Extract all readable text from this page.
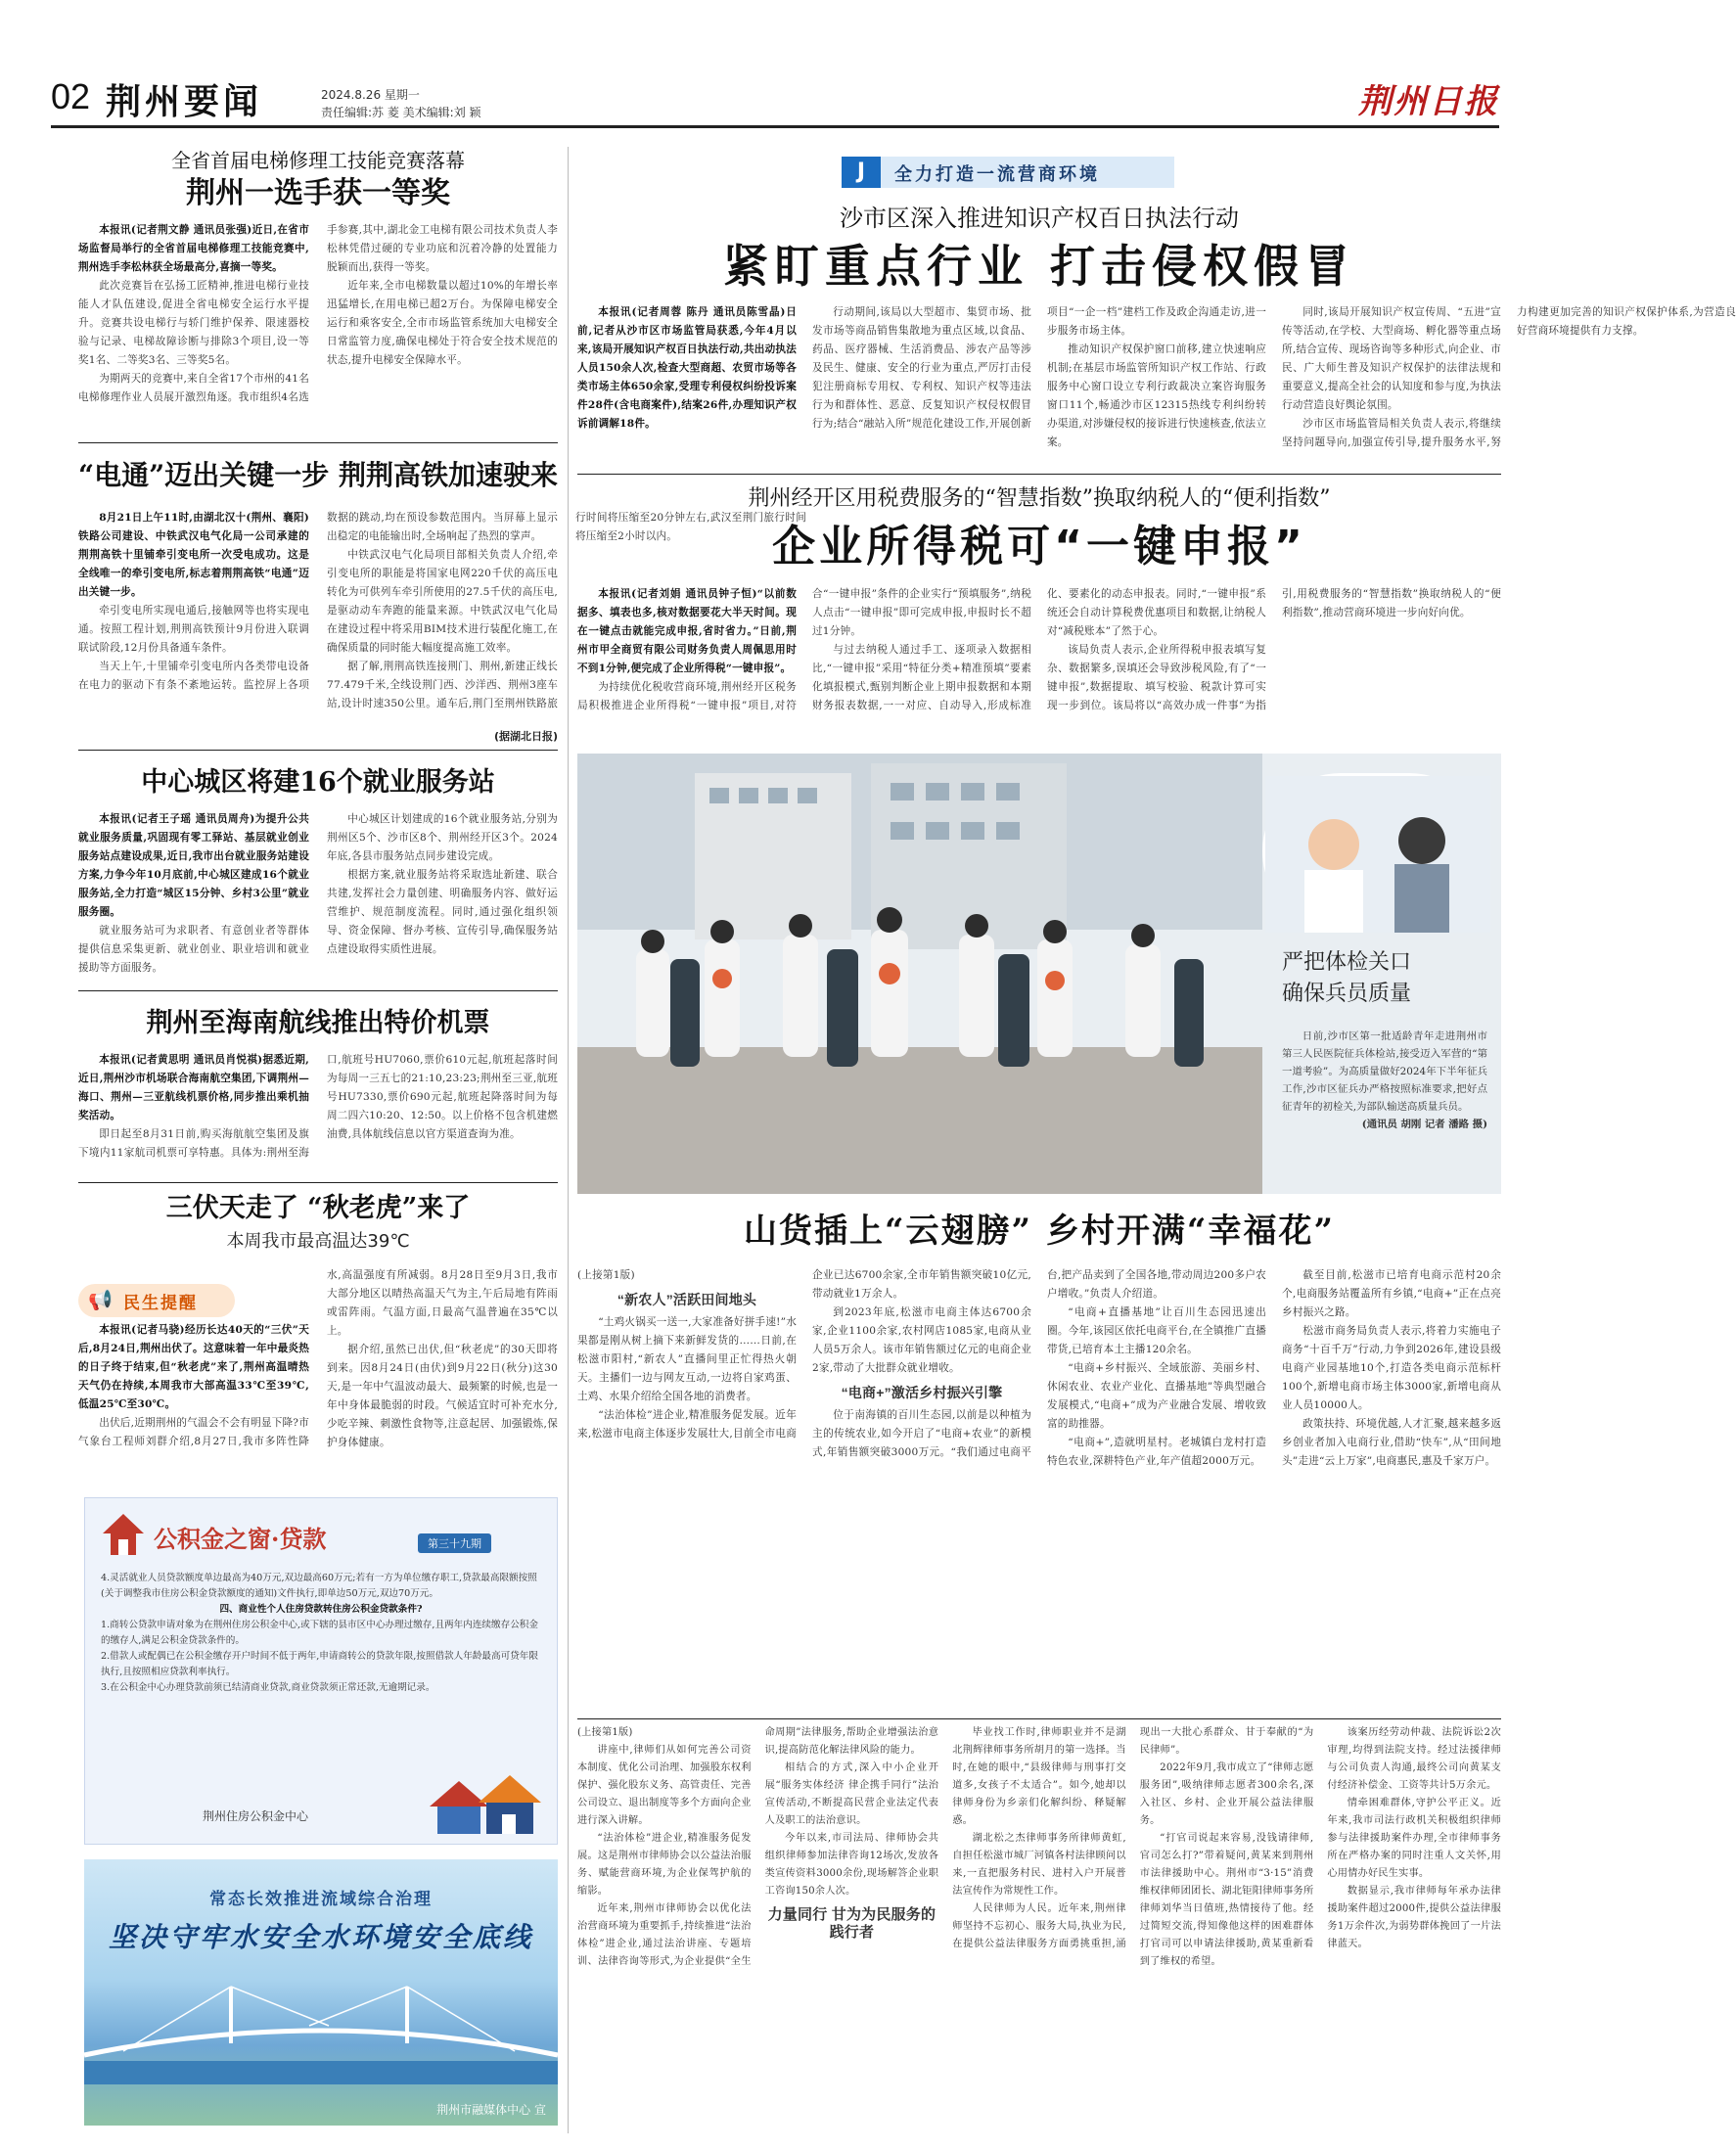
02 荆州要闻	2024.8.26 星期一
责任编辑:苏 菱 美术编辑:刘 颖	荆州日报
全省首届电梯修理工技能竞赛落幕
荆州一选手获一等奖

本报讯(记者荆文静 通讯员张强)近日,在省市场监督局举行的全省首届电梯修理工技能竞赛中,荆州选手李松林获全场最高分,喜摘一等奖。

此次竞赛旨在弘扬工匠精神,推进电梯行业技能人才队伍建设,促进全省电梯安全运行水平提升。竞赛共设电梯行与轿门维护保养、限速器校验与记录、电梯故障诊断与排除3个项目,设一等奖1名、二等奖3名、三等奖5名。

为期两天的竞赛中,来自全省17个市州的41名电梯修理作业人员展开激烈角逐。我市组织4名选手参赛,其中,湖北金工电梯有限公司技术负责人李松林凭借过硬的专业功底和沉着冷静的处置能力脱颖而出,获得一等奖。

近年来,全市电梯数量以超过10%的年增长率迅猛增长,在用电梯已超2万台。为保障电梯安全运行和乘客安全,全市市场监管系统加大电梯安全日常监管力度,确保电梯处于符合安全技术规范的状态,提升电梯安全保障水平。

“电通”迈出关键一步 荆荆高铁加速驶来

8月21日上午11时,由湖北汉十(荆州、襄阳)铁路公司建设、中铁武汉电气化局一公司承建的荆荆高铁十里铺牵引变电所一次受电成功。这是全线唯一的牵引变电所,标志着荆荆高铁“电通”迈出关键一步。

牵引变电所实现电通后,接触网等也将实现电通。按照工程计划,荆荆高铁预计9月份进入联调联试阶段,12月份具备通车条件。

当天上午,十里铺牵引变电所内各类带电设备在电力的驱动下有条不紊地运转。监控屏上各项数据的跳动,均在预设参数范围内。当屏幕上显示出稳定的电能输出时,全场响起了热烈的掌声。

中铁武汉电气化局项目部相关负责人介绍,牵引变电所的职能是将国家电网220千伏的高压电转化为可供列车牵引所使用的27.5千伏的高压电,是驱动动车奔跑的能量来源。中铁武汉电气化局在建设过程中将采用BIM技术进行装配化施工,在确保质量的同时能大幅度提高施工效率。

据了解,荆荆高铁连接荆门、荆州,新建正线长77.479千米,全线设荆门西、沙洋西、荆州3座车站,设计时速350公里。通车后,荆门至荆州铁路旅行时间将压缩至20分钟左右,武汉至荆门旅行时间将压缩至2小时以内。

(据湖北日报)
中心城区将建16个就业服务站

本报讯(记者王子瑶 通讯员周舟)为提升公共就业服务质量,巩固现有零工驿站、基层就业创业服务站点建设成果,近日,我市出台就业服务站建设方案,力争今年10月底前,中心城区建成16个就业服务站,全力打造“城区15分钟、乡村3公里”就业服务圈。

就业服务站可为求职者、有意创业者等群体提供信息采集更新、就业创业、职业培训和就业援助等方面服务。

中心城区计划建成的16个就业服务站,分别为荆州区5个、沙市区8个、荆州经开区3个。2024年底,各县市服务站点同步建设完成。

根据方案,就业服务站将采取选址新建、联合共建,发挥社会力量创建、明确服务内容、做好运营维护、规范制度流程。同时,通过强化组织领导、资金保障、督办考核、宣传引导,确保服务站点建设取得实质性进展。

荆州至海南航线推出特价机票

本报讯(记者黄思明 通讯员肖悦祺)据悉近期,近日,荆州沙市机场联合海南航空集团,下调荆州—海口、荆州—三亚航线机票价格,同步推出乘机抽奖活动。

即日起至8月31日前,购买海航航空集团及旗下境内11家航司机票可享特惠。具体为:荆州至海口,航班号HU7060,票价610元起,航班起落时间为每周一三五七的21:10,23:23;荆州至三亚,航班号HU7330,票价690元起,航班起降落时间为每周二四六10:20、12:50。以上价格不包含机建燃油费,具体航线信息以官方渠道查询为准。

三伏天走了 “秋老虎”来了
本周我市最高温达39℃
📢 民生提醒

本报讯(记者马骁)经历长达40天的“三伏”天后,8月24日,荆州出伏了。这意味着一年中最炎热的日子终于结束,但“秋老虎”来了,荆州高温晴热天气仍在持续,本周我市大部高温33℃至39℃,低温25℃至30℃。

出伏后,近期荆州的气温会不会有明显下降?市气象台工程师刘群介绍,8月27日,我市多阵性降水,高温强度有所减弱。8月28日至9月3日,我市大部分地区以晴热高温天气为主,午后局地有阵雨或雷阵雨。气温方面,日最高气温普遍在35℃以上。

据介绍,虽然已出伏,但“秋老虎”的30天即将到来。因8月24日(由伏)到9月22日(秋分)这30天,是一年中气温波动最大、最频繁的时候,也是一年中身体最脆弱的时段。气候适宜时可补充水分,少吃辛辣、刺激性食物等,注意起居、加强锻炼,保护身体健康。

公积金之窗·贷款	第三十九期

4.灵活就业人员贷款额度单边最高为40万元,双边最高60万元;若有一方为单位缴存职工,贷款最高限额按照(关于调整我市住房公积金贷款额度的通知)文件执行,即单边50万元,双边70万元。

四、商业性个人住房贷款转住房公积金贷款条件?

1.商转公贷款申请对象为在荆州住房公积金中心,或下辖的县市区中心办理过缴存,且两年内连续缴存公积金的缴存人,满足公积金贷款条件的。

2.借款人或配偶已在公积金缴存开户时间不低于两年,申请商转公的贷款年限,按照借款人年龄最高可贷年限执行,且按照相应贷款利率执行。

3.在公积金中心办理贷款前须已结清商业贷款,商业贷款须正常还款,无逾期记录。

荆州住房公积金中心
常态长效推进流域综合治理
坚决守牢水安全水环境安全底线
荆州市融媒体中心 宣
J	全力打造一流营商环境
沙市区深入推进知识产权百日执法行动
紧盯重点行业 打击侵权假冒

本报讯(记者周蓉 陈丹 通讯员陈雪晶)日前,记者从沙市区市场监管局获悉,今年4月以来,该局开展知识产权百日执法行动,共出动执法人员150余人次,检查大型商超、农贸市场等各类市场主体650余家,受理专利侵权纠纷投诉案件28件(含电商案件),结案26件,办理知识产权诉前调解18件。

行动期间,该局以大型超市、集贸市场、批发市场等商品销售集散地为重点区域,以食品、药品、医疗器械、生活消费品、涉农产品等涉及民生、健康、安全的行业为重点,严厉打击侵犯注册商标专用权、专利权、知识产权等违法行为和群体性、恶意、反复知识产权侵权假冒行为;结合“融站入所”规范化建设工作,开展创新项目“一企一档”建档工作及政企沟通走访,进一步服务市场主体。

推动知识产权保护窗口前移,建立快速响应机制;在基层市场监管所知识产权工作站、行政服务中心窗口设立专利行政裁决立案咨询服务窗口11个,畅通沙市区12315热线专利纠纷转办渠道,对涉嫌侵权的接诉进行快速核查,依法立案。

同时,该局开展知识产权宣传周、“五进”宣传等活动,在学校、大型商场、孵化器等重点场所,结合宣传、现场咨询等多种形式,向企业、市民、广大师生普及知识产权保护的法律法规和重要意义,提高全社会的认知度和参与度,为执法行动营造良好舆论氛围。

沙市区市场监管局相关负责人表示,将继续坚持问题导向,加强宣传引导,提升服务水平,努力构建更加完善的知识产权保护体系,为营造良好营商环境提供有力支撑。

荆州经开区用税费服务的“智慧指数”换取纳税人的“便利指数”
企业所得税可“一键申报”

本报讯(记者刘娟 通讯员钟子恒)“以前数据多、填表也多,核对数据要花大半天时间。现在一键点击就能完成申报,省时省力。”日前,荆州市甲全商贸有限公司财务负责人周佩思用时不到1分钟,便完成了企业所得税“一键申报”。

为持续优化税收营商环境,荆州经开区税务局积极推进企业所得税“一键申报”项目,对符合“一键申报”条件的企业实行“预填服务”,纳税人点击“一键申报”即可完成申报,申报时长不超过1分钟。

与过去纳税人通过手工、逐项录入数据相比,“一键申报”采用“特征分类+精准预填”要素化填报模式,甄别判断企业上期申报数据和本期财务报表数据,一一对应、自动导入,形成标准化、要素化的动态申报表。同时,“一键申报”系统还会自动计算税费优惠项目和数据,让纳税人对“减税账本”了然于心。

该局负责人表示,企业所得税申报表填写复杂、数据繁多,误填还会导致涉税风险,有了“一键申报”,数据提取、填写校验、税款计算可实现一步到位。该局将以“高效办成一件事”为指引,用税费服务的“智慧指数”换取纳税人的“便利指数”,推动营商环境进一步向好向优。

严把体检关口
确保兵员质量

日前,沙市区第一批适龄青年走进荆州市第三人民医院征兵体检站,接受迈入军营的“第一道考验”。为高质量做好2024年下半年征兵工作,沙市区征兵办严格按照标准要求,把好点征青年的初检关,为部队输送高质量兵员。

(通讯员 胡刚 记者 潘路 摄)

山货插上“云翅膀” 乡村开满“幸福花”

(上接第1版)

“新农人”活跃田间地头

“土鸡火锅买一送一,大家准备好拼手速!”水果都是刚从树上摘下来新鲜发货的……日前,在松滋市阳村,“新农人”直播间里正忙得热火朝天。主播们一边与网友互动,一边将自家鸡蛋、土鸡、水果介绍给全国各地的消费者。

“法治体检”进企业,精准服务促发展。近年来,松滋市电商主体逐步发展壮大,目前全市电商企业已达6700余家,全市年销售额突破10亿元,带动就业1万余人。

到2023年底,松滋市电商主体达6700余家,企业1100余家,农村网店1085家,电商从业人员5万余人。该市年销售额过亿元的电商企业2家,带动了大批群众就业增收。

“电商+”激活乡村振兴引擎

位于南海镇的百川生态园,以前是以种植为主的传统农业,如今开启了“电商+农业”的新模式,年销售额突破3000万元。“我们通过电商平台,把产品卖到了全国各地,带动周边200多户农户增收。”负责人介绍道。

“电商+直播基地”让百川生态园迅速出圈。今年,该园区依托电商平台,在全镇推广直播带货,已培育本土主播120余名。

“电商+乡村振兴、全域旅游、美丽乡村、休闲农业、农业产业化、直播基地”等典型融合发展模式,“电商+”成为产业融合发展、增收致富的助推器。

“电商+”,造就明星村。老城镇白龙村打造特色农业,深耕特色产业,年产值超2000万元。

截至目前,松滋市已培育电商示范村20余个,电商服务站覆盖所有乡镇,“电商+”正在点亮乡村振兴之路。

松滋市商务局负责人表示,将着力实施电子商务“十百千万”行动,力争到2026年,建设县级电商产业园基地10个,打造各类电商示范标杆100个,新增电商市场主体3000家,新增电商从业人员10000人。

政策扶持、环境优越,人才汇聚,越来越多返乡创业者加入电商行业,借助“快车”,从“田间地头”走进“云上万家”,电商惠民,惠及千家万户。

(上接第1版)

讲座中,律师们从如何完善公司资本制度、优化公司治理、加强股东权利保护、强化股东义务、高管责任、完善公司设立、退出制度等多个方面向企业进行深入讲解。

“法治体检”进企业,精准服务促发展。这是荆州市律师协会以公益法治服务、赋能营商环境,为企业保驾护航的缩影。

近年来,荆州市律师协会以优化法治营商环境为重要抓手,持续推进“法治体检”进企业,通过法治讲座、专题培训、法律咨询等形式,为企业提供“全生命周期”法律服务,帮助企业增强法治意识,提高防范化解法律风险的能力。

相结合的方式,深入中小企业开展“服务实体经济 律企携手同行”法治宣传活动,不断提高民营企业法定代表人及职工的法治意识。

今年以来,市司法局、律师协会共组织律师参加法律咨询12场次,发放各类宣传资料3000余份,现场解答企业职工咨询150余人次。

力量同行 甘为为民服务的践行者

毕业找工作时,律师职业并不是湖北荆辉律师事务所胡月的第一选择。当时,在她的眼中,“县级律师与刑事打交道多,女孩子不太适合”。如今,她却以律师身份为乡亲们化解纠纷、释疑解惑。

湖北松之杰律师事务所律师黄虹,自担任松滋市城厂河镇各村法律顾问以来,一直把服务村民、进村入户开展普法宣传作为常规性工作。

人民律师为人民。近年来,荆州律师坚持不忘初心、服务大局,执业为民,在提供公益法律服务方面勇挑重担,涌现出一大批心系群众、甘于奉献的“为民律师”。

2022年9月,我市成立了“律师志愿服务团”,吸纳律师志愿者300余名,深入社区、乡村、企业开展公益法律服务。

“打官司说起来容易,没钱请律师,官司怎么打?”带着疑问,黄某来到荆州市法律援助中心。荆州市“3·15”消费维权律师团团长、湖北钜阳律师事务所律师刘华当日值班,热情接待了他。经过简短交流,得知像他这样的困难群体打官司可以申请法律援助,黄某重新看到了维权的希望。

该案历经劳动仲裁、法院诉讼2次审理,均得到法院支持。经过法援律师与公司负责人沟通,最终公司向黄某支付经济补偿金、工资等共计5万余元。

情牵困难群体,守护公平正义。近年来,我市司法行政机关积极组织律师参与法律援助案件办理,全市律师事务所在严格办案的同时注重人文关怀,用心用情办好民生实事。

数据显示,我市律师每年承办法律援助案件超过2000件,提供公益法律服务1万余件次,为弱势群体挽回了一片法律蓝天。
